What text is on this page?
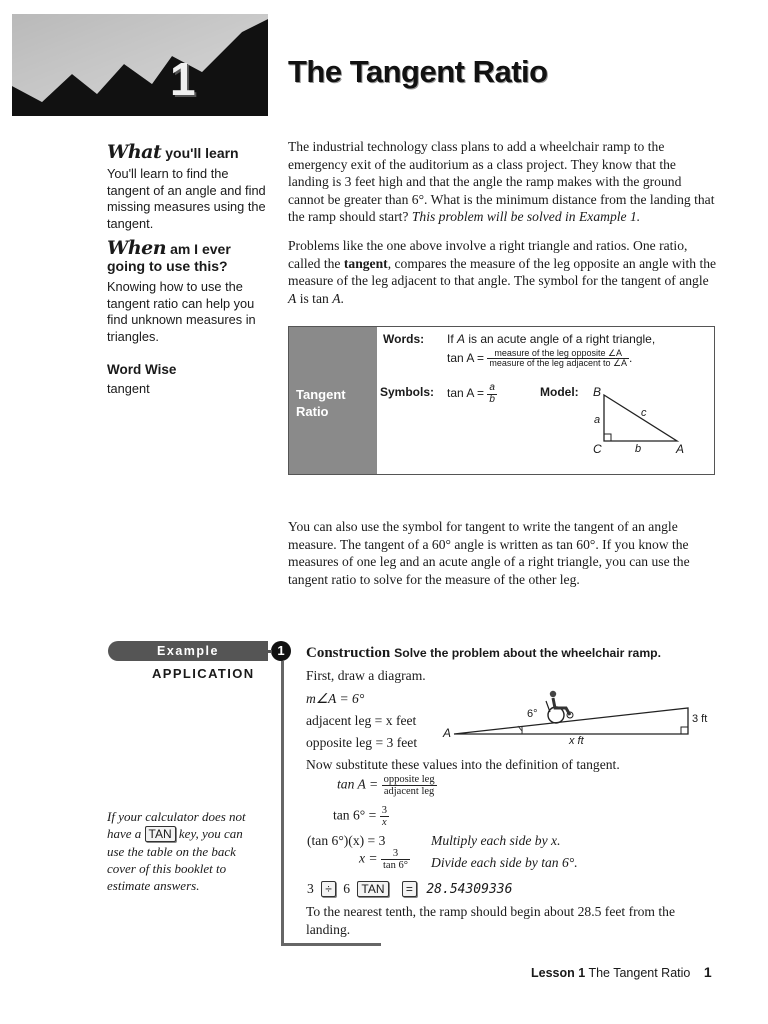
1	The Tangent Ratio
What you'll learn

You'll learn to find the tangent of an angle and find missing measures using the tangent.

When am I ever going to use this?

Knowing how to use the tangent ratio can help you find unknown measures in triangles.

Word Wise
tangent
The industrial technology class plans to add a wheelchair ramp to the emergency exit of the auditorium as a class project. They know that the landing is 3 feet high and that the angle the ramp makes with the ground cannot be greater than 6°. What is the minimum distance from the landing that the ramp should start? This problem will be solved in Example 1.
Problems like the one above involve a right triangle and ratios. One ratio, called the tangent, compares the measure of the leg opposite an angle with the measure of the leg adjacent to that angle. The symbol for the tangent of angle A is tan A.
Tangent
Ratio
Words: If A is an acute angle of a right triangle,
$\tan A = \frac{\text{measure of the leg opposite ∠A}}{\text{measure of the leg adjacent to ∠A}}$ .
Symbols: $\tan A = \frac{a}{b}$	Model: B
C	A
a
b
c

You can also use the symbol for tangent to write the tangent of an angle measure. The tangent of a 60° angle is written as tan 60°. If you know the measures of one leg and an acute angle of a right triangle, you can use the tangent ratio to solve for the measure of the other leg.

Example	1
APPLICATION
Construction Solve the problem about the wheelchair ramp.
First, draw a diagram.
m∠A = 6°
adjacent leg = x feet
opposite leg = 3 feet
6°
A
x ft
3 ft
Now substitute these values into the definition of tangent.
$\tan A = \frac{\text{opposite leg}}{\text{adjacent leg}}$
$\tan 6^\circ = \frac{3}{x}$
(tan 6°)(x) = 3	Multiply each side by x.
$x = \frac{3}{\tan 6^\circ}$ Divide each side by tan 6°.
3 ÷ 6 TAN = 28.54309336

To the nearest tenth, the ramp should begin about 28.5 feet from the landing.

If your calculator does not have a TAN key, you can use the table on the back cover of this booklet to estimate answers.
Lesson 1 The Tangent Ratio 1
